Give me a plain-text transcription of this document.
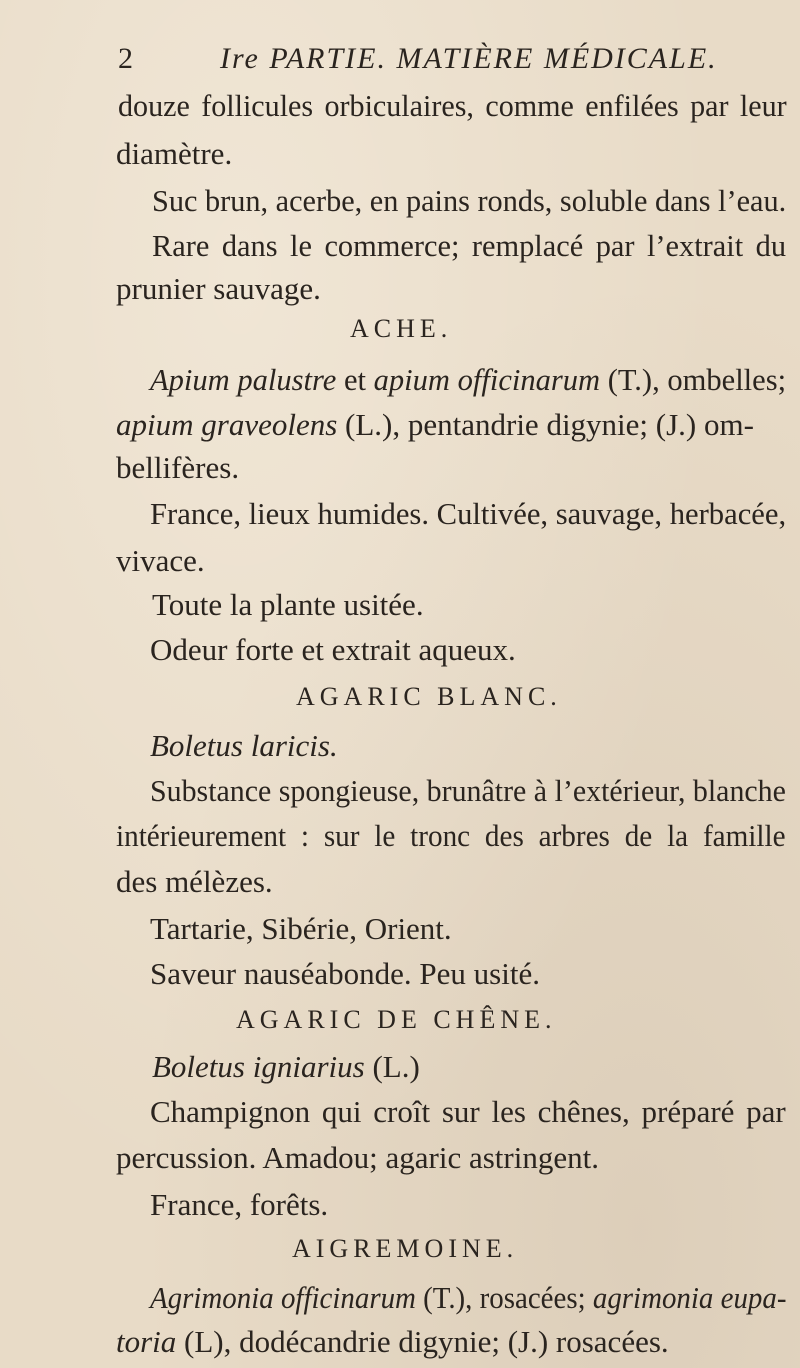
2	Ire PARTIE. MATIÈRE MÉDICALE.
douze follicules orbiculaires, comme enfilées par leur
diamètre.
Suc brun, acerbe, en pains ronds, soluble dans l’eau.
Rare dans le commerce; remplacé par l’extrait du
prunier sauvage.
ACHE.
Apium palustre et apium officinarum (T.), ombelles;
apium graveolens (L.), pentandrie digynie; (J.) om-
bellifères.
France, lieux humides. Cultivée, sauvage, herbacée,
vivace.
Toute la plante usitée.
Odeur forte et extrait aqueux.
AGARIC BLANC.
Boletus laricis.
Substance spongieuse, brunâtre à l’extérieur, blanche
intérieurement : sur le tronc des arbres de la famille
des mélèzes.
Tartarie, Sibérie, Orient.
Saveur nauséabonde. Peu usité.
AGARIC DE CHÊNE.
Boletus igniarius (L.)
Champignon qui croît sur les chênes, préparé par
percussion. Amadou; agaric astringent.
France, forêts.
AIGREMOINE.
Agrimonia officinarum (T.), rosacées; agrimonia eupa-
toria (L), dodécandrie digynie; (J.) rosacées.
